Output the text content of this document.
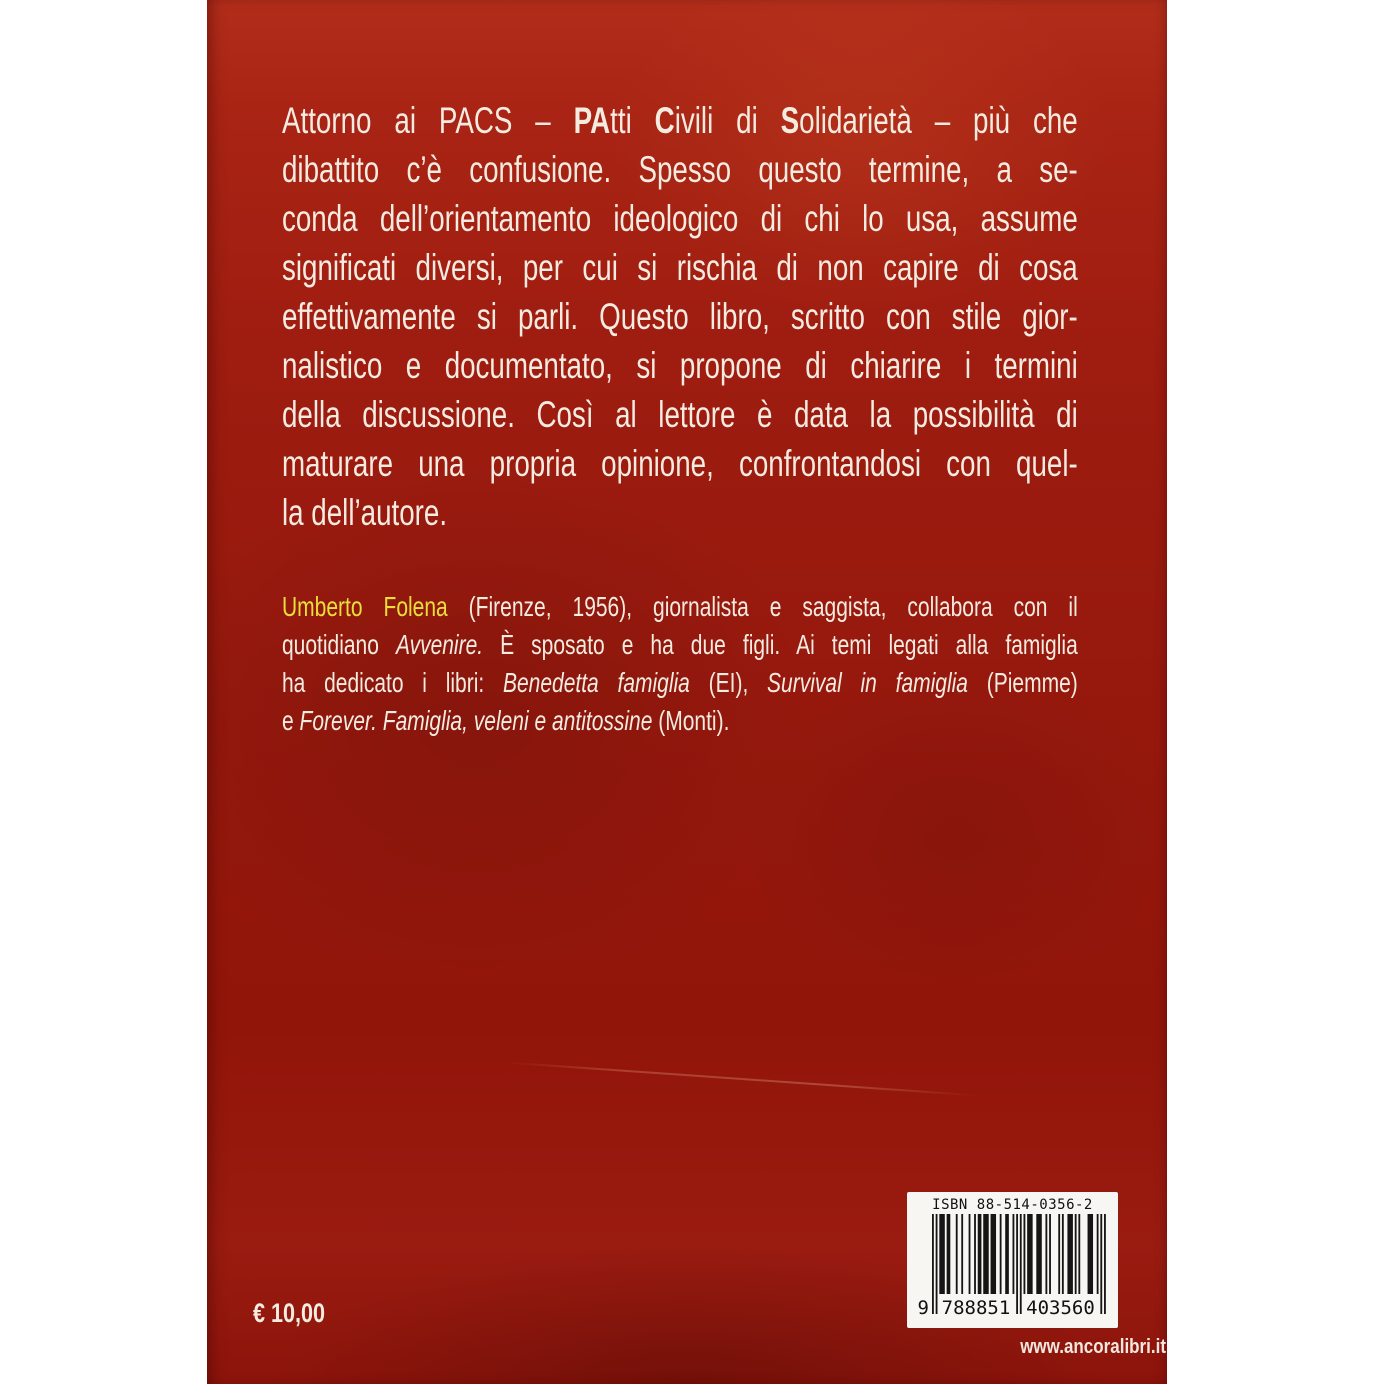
Attorno ai PACS – PAtti Civili di Solidarietà – più che
dibattito c’è confusione. Spesso questo termine, a se-
conda dell’orientamento ideologico di chi lo usa, assume
significati diversi, per cui si rischia di non capire di cosa
effettivamente si parli. Questo libro, scritto con stile gior-
nalistico e documentato, si propone di chiarire i termini
della discussione. Così al lettore è data la possibilità di
maturare una propria opinione, confrontandosi con quel-
la dell’autore.
Umberto Folena (Firenze, 1956), giornalista e saggista, collabora con il
quotidiano Avvenire. È sposato e ha due figli. Ai temi legati alla famiglia
ha dedicato i libri: Benedetta famiglia (EI), Survival in famiglia (Piemme)
e Forever. Famiglia, veleni e antitossine (Monti).
€ 10,00
ISBN 88-514-0356-2
9 788851 403560
www.ancoralibri.it
